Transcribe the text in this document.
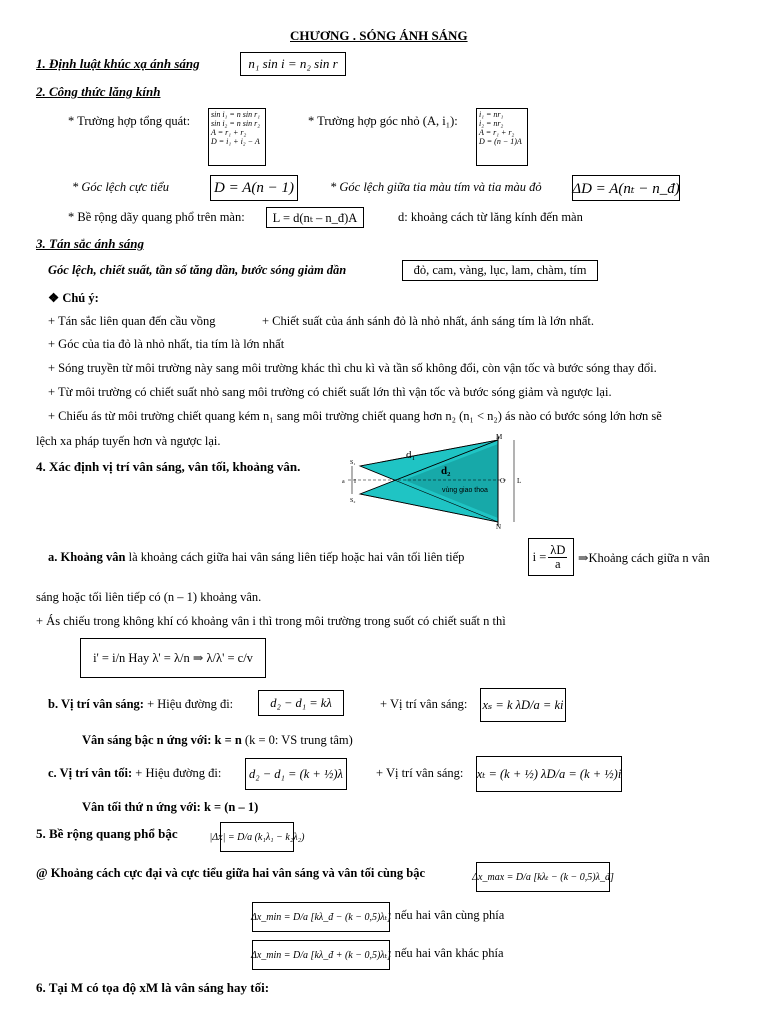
CHƯƠNG . SÓNG ÁNH SÁNG
1. Định luật khúc xạ ánh sáng	n₁ sin i = n₂ sin r
2. Công thức lăng kính
* Trường hợp tổng quát:	sin i₁ = n sin r₁
sin i₂ = n sin r₂
A = r₁ + r₂
D = i₁ + i₂ − A
* Trường hợp góc nhỏ (A, i₁):	i₁ = nr₁
i₂ = nr₂
A = r₁ + r₂
D = (n − 1)A
* Góc lệch cực tiểu	D = A(n − 1)	* Góc lệch giữa tia màu tím và tia màu đỏ ΔD = A(nₜ − n_đ)
* Bề rộng dãy quang phổ trên màn:	L = d(nₜ – n_đ)A	d: khoảng cách từ lăng kính đến màn
3. Tán sắc ánh sáng
Góc lệch, chiết suất, tần số tăng dần, bước sóng giảm dần	đỏ, cam, vàng, lục, lam, chàm, tím
❖ Chú ý:
+ Tán sắc liên quan đến cầu vồng	+ Chiết suất của ánh sánh đỏ là nhỏ nhất, ánh sáng tím là lớn nhất.
+ Góc của tia đỏ là nhỏ nhất, tia tím là lớn nhất
+ Sóng truyền từ môi trường này sang môi trường khác thì chu kì và tần số không đổi, còn vận tốc và bước sóng thay đổi.
+ Từ môi trường có chiết suất nhỏ sang môi trường có chiết suất lớn thì vận tốc và bước sóng giảm và ngược lại.
+ Chiếu ás từ môi trường chiết quang kém n₁ sang môi trường chiết quang hơn n₂ (n₁ < n₂) ás nào có bước sóng lớn hơn sẽ
lệch xa pháp tuyến hơn và ngược lại.
4. Xác định vị trí vân sáng, vân tối, khoảng vân.
d₁
d₂
vùng giao thoa
S₁
S₂
a I
M
O
N
L
a. Khoảng vân là khoảng cách giữa hai vân sáng liên tiếp hoặc hai vân tối liên tiếp	$i = \frac{\lambda D}{a}$ ⇒Khoảng cách giữa n vân
sáng hoặc tối liên tiếp có (n – 1) khoảng vân.
+ Ás chiếu trong không khí có khoảng vân i thì trong môi trường trong suốt có chiết suất n thì
i' = i/n Hay λ' = λ/n ⇒ λ/λ' = c/v
b. Vị trí vân sáng: + Hiệu đường đi:	d₂ − d₁ = kλ	+ Vị trí vân sáng: xₛ = k λD/a = ki
Vân sáng bậc n ứng với: k = n (k = 0: VS trung tâm)
c. Vị trí vân tối: + Hiệu đường đi:	d₂ − d₁ = (k + ½)λ	+ Vị trí vân sáng: xₜ = (k + ½) λD/a = (k + ½)i
Vân tối thứ n ứng với: k = (n – 1)
5. Bề rộng quang phổ bậc	|Δx| = D/a (k₁λ₁ − k₂λ₂)
@ Khoảng cách cực đại và cực tiểu giữa hai vân sáng và vân tối cùng bậc	Δx_max = D/a [kλₜ − (k − 0,5)λ_đ]
Δx_min = D/a [kλ_đ − (k − 0,5)λₜ]
: nếu hai vân cùng phía
Δx_min = D/a [kλ_đ + (k − 0,5)λₜ]
: nếu hai vân khác phía
6. Tại M có tọa độ xM là vân sáng hay tối:
